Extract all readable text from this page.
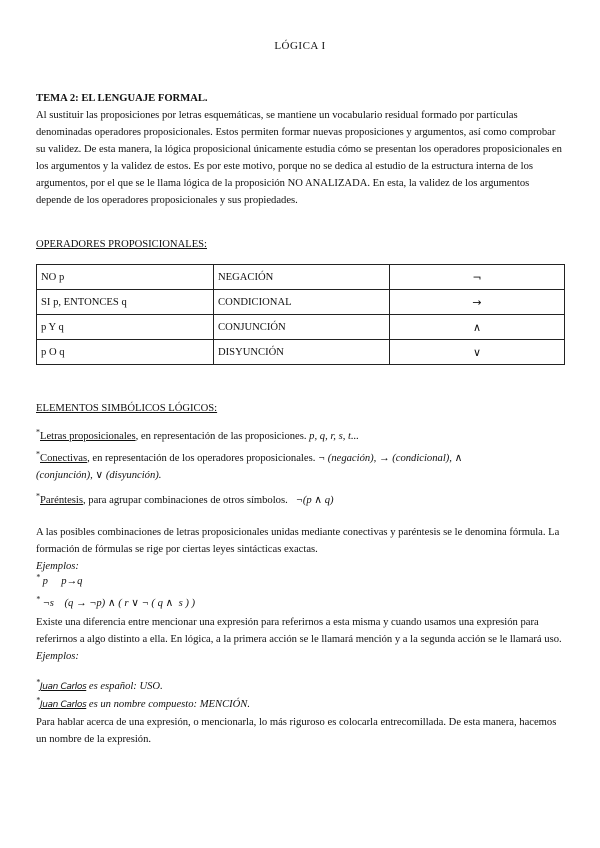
LÓGICA I
TEMA 2: EL LENGUAJE FORMAL.

Al sustituir las proposiciones por letras esquemáticas, se mantiene un vocabulario residual formado por partículas denominadas operadores proposicionales. Estos permiten formar nuevas proposiciones y argumentos, así como comprobar su validez. De esta manera, la lógica proposicional únicamente estudia cómo se presentan los operadores proposicionales en los argumentos y la validez de estos. Es por este motivo, porque no se dedica al estudio de la estructura interna de los argumentos, por el que se le llama lógica de la proposición NO ANALIZADA. En esta, la validez de los argumentos depende de los operadores proposicionales y sus propiedades.

OPERADORES PROPOSICIONALES:
NO p	NEGACIÓN	¬
SI p, ENTONCES q	CONDICIONAL	→
p Y q	CONJUNCIÓN	∧
p O q	DISYUNCIÓN	∨
ELEMENTOS SIMBÓLICOS LÓGICOS:
*Letras proposicionales, en representación de las proposiciones. p, q, r, s, t...
*Conectivas, en representación de los operadores proposicionales. ¬ (negación), → (condicional), ∧
(conjunción), ∨ (disyunción).
*Paréntesis, para agrupar combinaciones de otros símbolos. ¬(p ∧ q)

A las posibles combinaciones de letras proposicionales unidas mediante conectivas y paréntesis se le denomina fórmula. La formación de fórmulas se rige por ciertas leyes sintácticas exactas.

Ejemplos:

* p     p→q
* ¬s    (q → ¬p) ∧ ( r ∨ ¬ ( q ∧  s ) )

Existe una diferencia entre mencionar una expresión para referirnos a esta misma y cuando usamos una expresión para referirnos a algo distinto a ella. En lógica, a la primera acción se le llamará mención y a la segunda acción se le llamará uso. Ejemplos:

*Juan Carlos es español: USO.

*Juan Carlos es un nombre compuesto: MENCIÓN.

Para hablar acerca de una expresión, o mencionarla, lo más riguroso es colocarla entrecomillada. De esta manera, hacemos un nombre de la expresión.
